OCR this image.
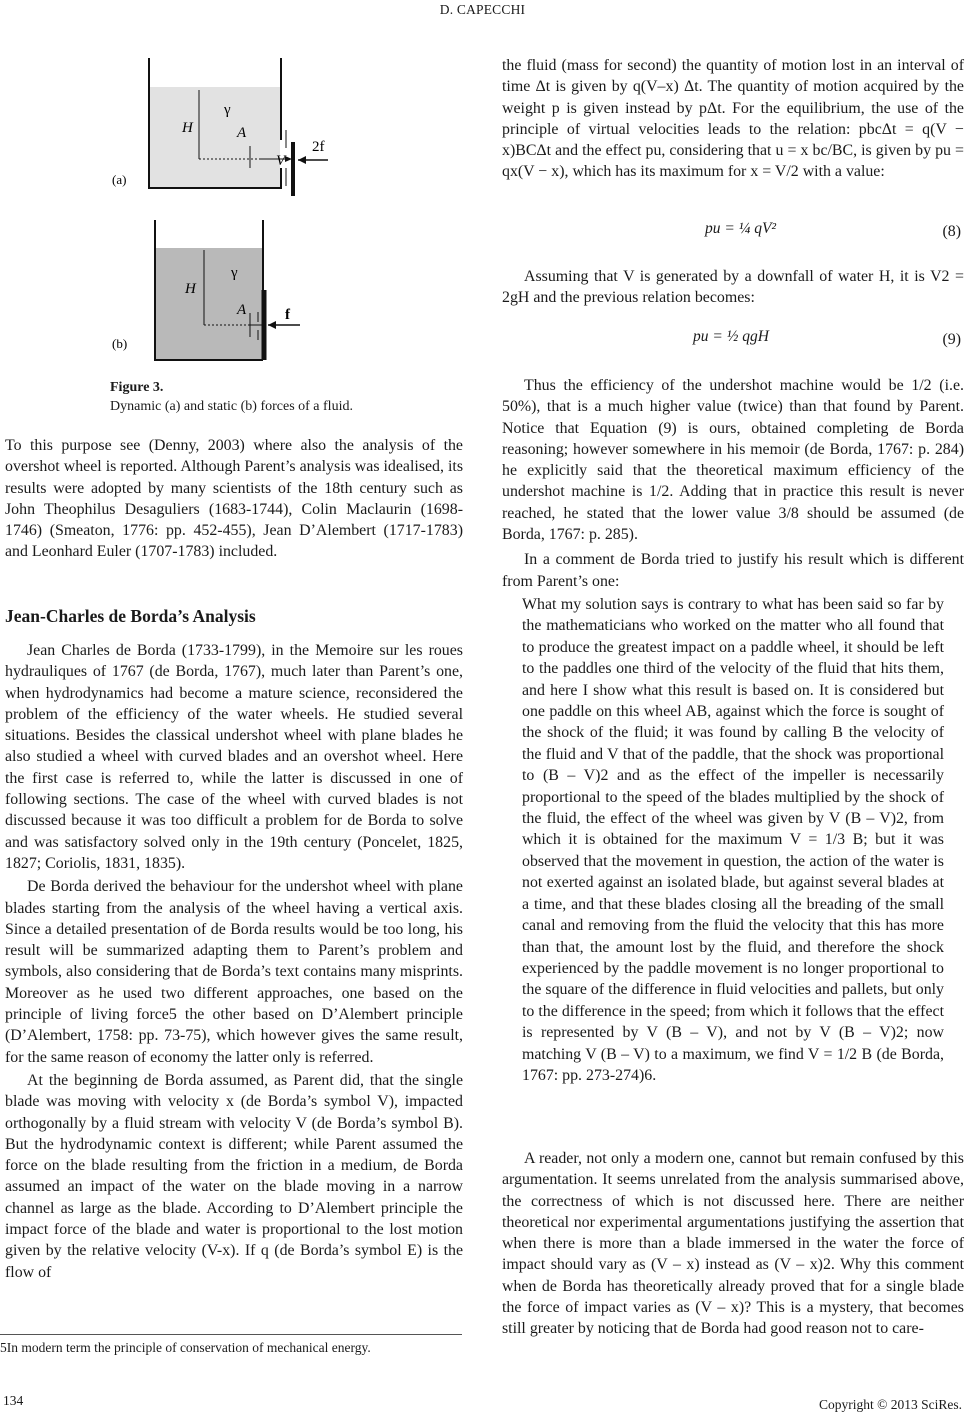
D. CAPECCHI
H
γ
A
V
2f
(a)
H
γ
A	f
(b)
Figure 3.
Dynamic (a) and static (b) forces of a fluid.

To this purpose see (Denny, 2003) where also the analysis of the overshot wheel is reported. Although Parent’s analysis was idealised, its results were adopted by many scientists of the 18th century such as John Theophilus Desaguliers (1683-1744), Colin Maclaurin (1698-1746) (Smeaton, 1776: pp. 452-455), Jean D’Alembert (1717-1783) and Leonhard Euler (1707-1783) included.

Jean-Charles de Borda’s Analysis

Jean Charles de Borda (1733-1799), in the Memoire sur les roues hydrauliques of 1767 (de Borda, 1767), much later than Parent’s one, when hydrodynamics had become a mature science, reconsidered the problem of the efficiency of the water wheels. He studied several situations. Besides the classical undershot wheel with plane blades he also studied a wheel with curved blades and an overshot wheel. Here the first case is referred to, while the latter is discussed in one of following sections. The case of the wheel with curved blades is not discussed because it was too difficult a problem for de Borda to solve and was satisfactory solved only in the 19th century (Poncelet, 1825, 1827; Coriolis, 1831, 1835).

De Borda derived the behaviour for the undershot wheel with plane blades starting from the analysis of the wheel having a vertical axis. Since a detailed presentation of de Borda results would be too long, his result will be summarized adapting them to Parent’s problem and symbols, also considering that de Borda’s text contains many misprints. Moreover as he used two different approaches, one based on the principle of living force5 the other based on D’Alembert principle (D’Alembert, 1758: pp. 73-75), which however gives the same result, for the same reason of economy the latter only is referred.

At the beginning de Borda assumed, as Parent did, that the single blade was moving with velocity x (de Borda’s symbol V), impacted orthogonally by a fluid stream with velocity V (de Borda’s symbol B). But the hydrodynamic context is different; while Parent assumed the force on the blade resulting from the friction in a medium, de Borda assumed an impact of the water on the blade moving in a narrow channel as large as the blade. According to D’Alembert principle the impact force of the blade and water is proportional to the lost motion given by the relative velocity (V-x). If q (de Borda’s symbol E) is the flow of

5In modern term the principle of conservation of mechanical energy.

the fluid (mass for second) the quantity of motion lost in an interval of time Δt is given by q(V–x) Δt. The quantity of motion acquired by the weight p is given instead by pΔt. For the equilibrium, the use of the principle of virtual velocities leads to the relation: pbcΔt = q(V − x)BCΔt and the effect pu, considering that u = x bc/BC, is given by pu = qx(V − x), which has its maximum for x = V/2 with a value:

pu = ¼ qV²	(8)

Assuming that V is generated by a downfall of water H, it is V2 = 2gH and the previous relation becomes:

pu = ½ qgH	(9)

Thus the efficiency of the undershot machine would be 1/2 (i.e. 50%), that is a much higher value (twice) than that found by Parent. Notice that Equation (9) is ours, obtained completing de Borda reasoning; however somewhere in his memoir (de Borda, 1767: p. 284) he explicitly said that the theoretical maximum efficiency of the undershot machine is 1/2. Adding that in practice this result is never reached, he stated that the lower value 3/8 should be assumed (de Borda, 1767: p. 285).

In a comment de Borda tried to justify his result which is different from Parent’s one:

What my solution says is contrary to what has been said so far by the mathematicians who worked on the matter who all found that to produce the greatest impact on a paddle wheel, it should be left to the paddles one third of the velocity of the fluid that hits them, and here I show what this result is based on. It is considered but one paddle on this wheel AB, against which the force is sought of the shock of the fluid; it was found by calling B the velocity of the fluid and V that of the paddle, that the shock was proportional to (B – V)2 and as the effect of the impeller is necessarily proportional to the speed of the blades multiplied by the shock of the fluid, the effect of the wheel was given by V (B – V)2, from which it is obtained for the maximum V = 1/3 B; but it was observed that the movement in question, the action of the water is not exerted against an isolated blade, but against several blades at a time, and that these blades closing all the breading of the small canal and removing from the fluid the velocity that this has more than that, the amount lost by the fluid, and therefore the shock experienced by the paddle movement is no longer proportional to the square of the difference in fluid velocities and pallets, but only to the difference in the speed; from which it follows that the effect is represented by V (B – V), and not by V (B – V)2; now matching V (B – V) to a maximum, we find V = 1/2 B (de Borda, 1767: pp. 273-274)6.

A reader, not only a modern one, cannot but remain confused by this argumentation. It seems unrelated from the analysis summarised above, the correctness of which is not discussed here. There are neither theoretical nor experimental argumentations justifying the assertion that when there is more than a blade immersed in the water the force of impact should vary as (V – x) instead as (V – x)2. Why this comment when de Borda has theoretically already proved that for a single blade the force of impact varies as (V – x)? This is a mystery, that becomes still greater by noticing that de Borda had good reason not to care-

134	Copyright © 2013 SciRes.
